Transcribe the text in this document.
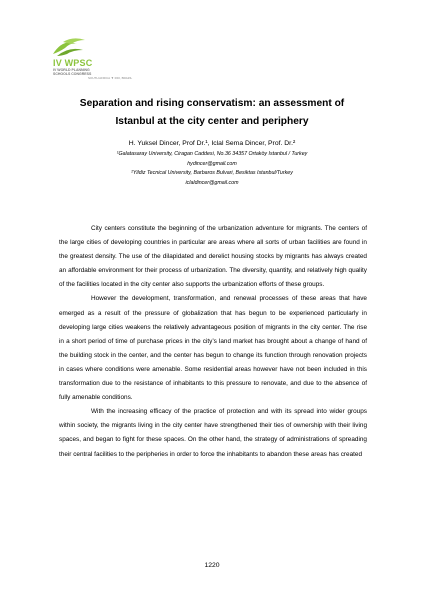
IV WPSC
IV WORLD PLANNING
SCHOOLS CONGRESS
SOUTH AFRICA ▼ RIO, BRAZIL
Separation and rising conservatism: an assessment of
Istanbul at the city center and periphery
H. Yuksel Dincer, Prof Dr.¹, Iclal Sema Dincer, Prof. Dr.²
¹Galatasaray University, Ciragan Caddesi, No.36 34357 Ortaköy Istanbul / Turkey
hydincer@gmail.com
²Yildiz Tecnical University, Barbaros Bulvari, Besiktas Istanbul/Turkey
iclaldincer@gmail.com

City centers constitute the beginning of the urbanization adventure for migrants. The centers of the large cities of developing countries in particular are areas where all sorts of urban facilities are found in the greatest density. The use of the dilapidated and derelict housing stocks by migrants has always created an affordable environment for their process of urbanization. The diversity, quantity, and relatively high quality of the facilities located in the city center also supports the urbanization efforts of these groups.

However the development, transformation, and renewal processes of these areas that have emerged as a result of the pressure of globalization that has begun to be experienced particularly in developing large cities weakens the relatively advantageous position of migrants in the city center. The rise in a short period of time of purchase prices in the city’s land market has brought about a change of hand of the building stock in the center, and the center has begun to change its function through renovation projects in cases where conditions were amenable. Some residential areas however have not been included in this transformation due to the resistance of inhabitants to this pressure to renovate, and due to the absence of fully amenable conditions.

With the increasing efficacy of the practice of protection and with its spread into wider groups within society, the migrants living in the city center have strengthened their ties of ownership with their living spaces, and began to fight for these spaces. On the other hand, the strategy of administrations of spreading their central facilities to the peripheries in order to force the inhabitants to abandon these areas has created

1220
